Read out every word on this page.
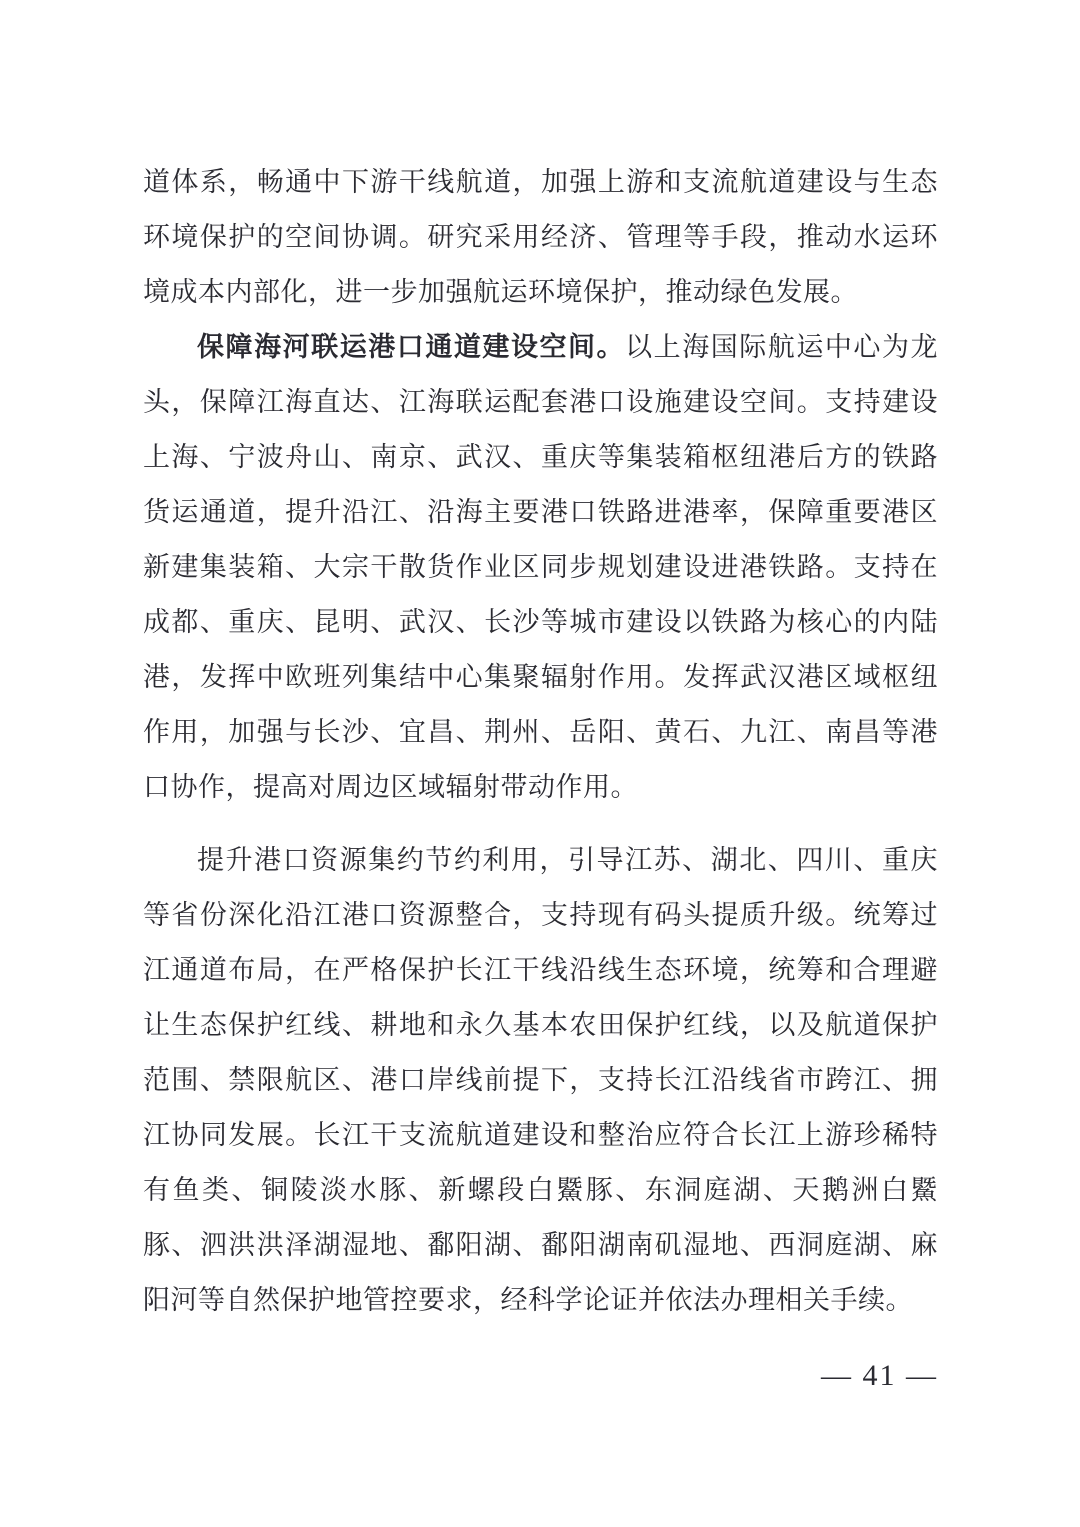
道体系，畅通中下游干线航道，加强上游和支流航道建设与生态环境保护的空间协调。研究采用经济、管理等手段，推动水运环境成本内部化，进一步加强航运环境保护，推动绿色发展。

保障海河联运港口通道建设空间。以上海国际航运中心为龙头，保障江海直达、江海联运配套港口设施建设空间。支持建设上海、宁波舟山、南京、武汉、重庆等集装箱枢纽港后方的铁路货运通道，提升沿江、沿海主要港口铁路进港率，保障重要港区新建集装箱、大宗干散货作业区同步规划建设进港铁路。支持在成都、重庆、昆明、武汉、长沙等城市建设以铁路为核心的内陆港，发挥中欧班列集结中心集聚辐射作用。发挥武汉港区域枢纽作用，加强与长沙、宜昌、荆州、岳阳、黄石、九江、南昌等港口协作，提高对周边区域辐射带动作用。

提升港口资源集约节约利用，引导江苏、湖北、四川、重庆等省份深化沿江港口资源整合，支持现有码头提质升级。统筹过江通道布局，在严格保护长江干线沿线生态环境，统筹和合理避让生态保护红线、耕地和永久基本农田保护红线，以及航道保护范围、禁限航区、港口岸线前提下，支持长江沿线省市跨江、拥江协同发展。长江干支流航道建设和整治应符合长江上游珍稀特有鱼类、铜陵淡水豚、新螺段白鱀豚、东洞庭湖、天鹅洲白鱀豚、泗洪洪泽湖湿地、鄱阳湖、鄱阳湖南矶湿地、西洞庭湖、麻阳河等自然保护地管控要求，经科学论证并依法办理相关手续。

— 41 —
